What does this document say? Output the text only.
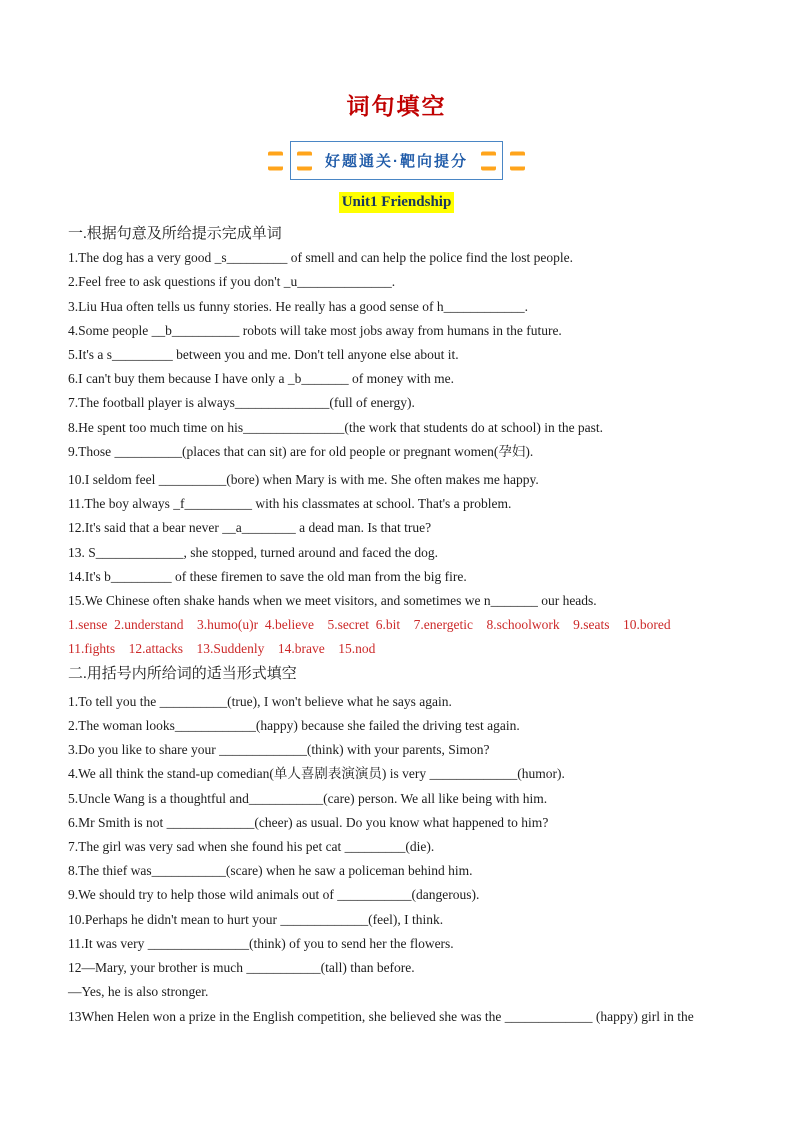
词句填空
好题通关·靶向提分
Unit1 Friendship

一.根据句意及所给提示完成单词

1.The dog has a very good _s_________ of smell and can help the police find the lost people.

2.Feel free to ask questions if you don't _u______________.

3.Liu Hua often tells us funny stories. He really has a good sense of h____________.

4.Some people __b__________ robots will take most jobs away from humans in the future.

5.It's a s_________ between you and me. Don't tell anyone else about it.

6.I can't buy them because I have only a _b_______ of money with me.

7.The football player is always______________(full of energy).

8.He spent too much time on his_______________(the work that students do at school) in the past.

9.Those __________(places that can sit) are for old people or pregnant women(孕妇).

10.I seldom feel __________(bore) when Mary is with me. She often makes me happy.

11.The boy always _f__________ with his classmates at school. That's a problem.

12.It's said that a bear never __a________ a dead man. Is that true?

13. S_____________, she stopped, turned around and faced the dog.

14.It's b_________ of these firemen to save the old man from the big fire.

15.We Chinese often shake hands when we meet visitors, and sometimes we n_______ our heads.

1.sense  2.understand    3.humo(u)r  4.believe    5.secret  6.bit    7.energetic    8.schoolwork    9.seats    10.bored

11.fights    12.attacks    13.Suddenly    14.brave    15.nod

二.用括号内所给词的适当形式填空

1.To tell you the __________(true), I won't believe what he says again.

2.The woman looks____________(happy) because she failed the driving test again.

3.Do you like to share your _____________(think) with your parents, Simon?

4.We all think the stand-up comedian(单人喜剧表演演员) is very _____________(humor).

5.Uncle Wang is a thoughtful and___________(care) person. We all like being with him.

6.Mr Smith is not _____________(cheer) as usual. Do you know what happened to him?

7.The girl was very sad when she found his pet cat _________(die).

8.The thief was___________(scare) when he saw a policeman behind him.

9.We should try to help those wild animals out of ___________(dangerous).

10.Perhaps he didn't mean to hurt your _____________(feel), I think.

11.It was very _______________(think) of you to send her the flowers.

12—Mary, your brother is much ___________(tall) than before.

—Yes, he is also stronger.

13When Helen won a prize in the English competition, she believed she was the _____________ (happy) girl in the
